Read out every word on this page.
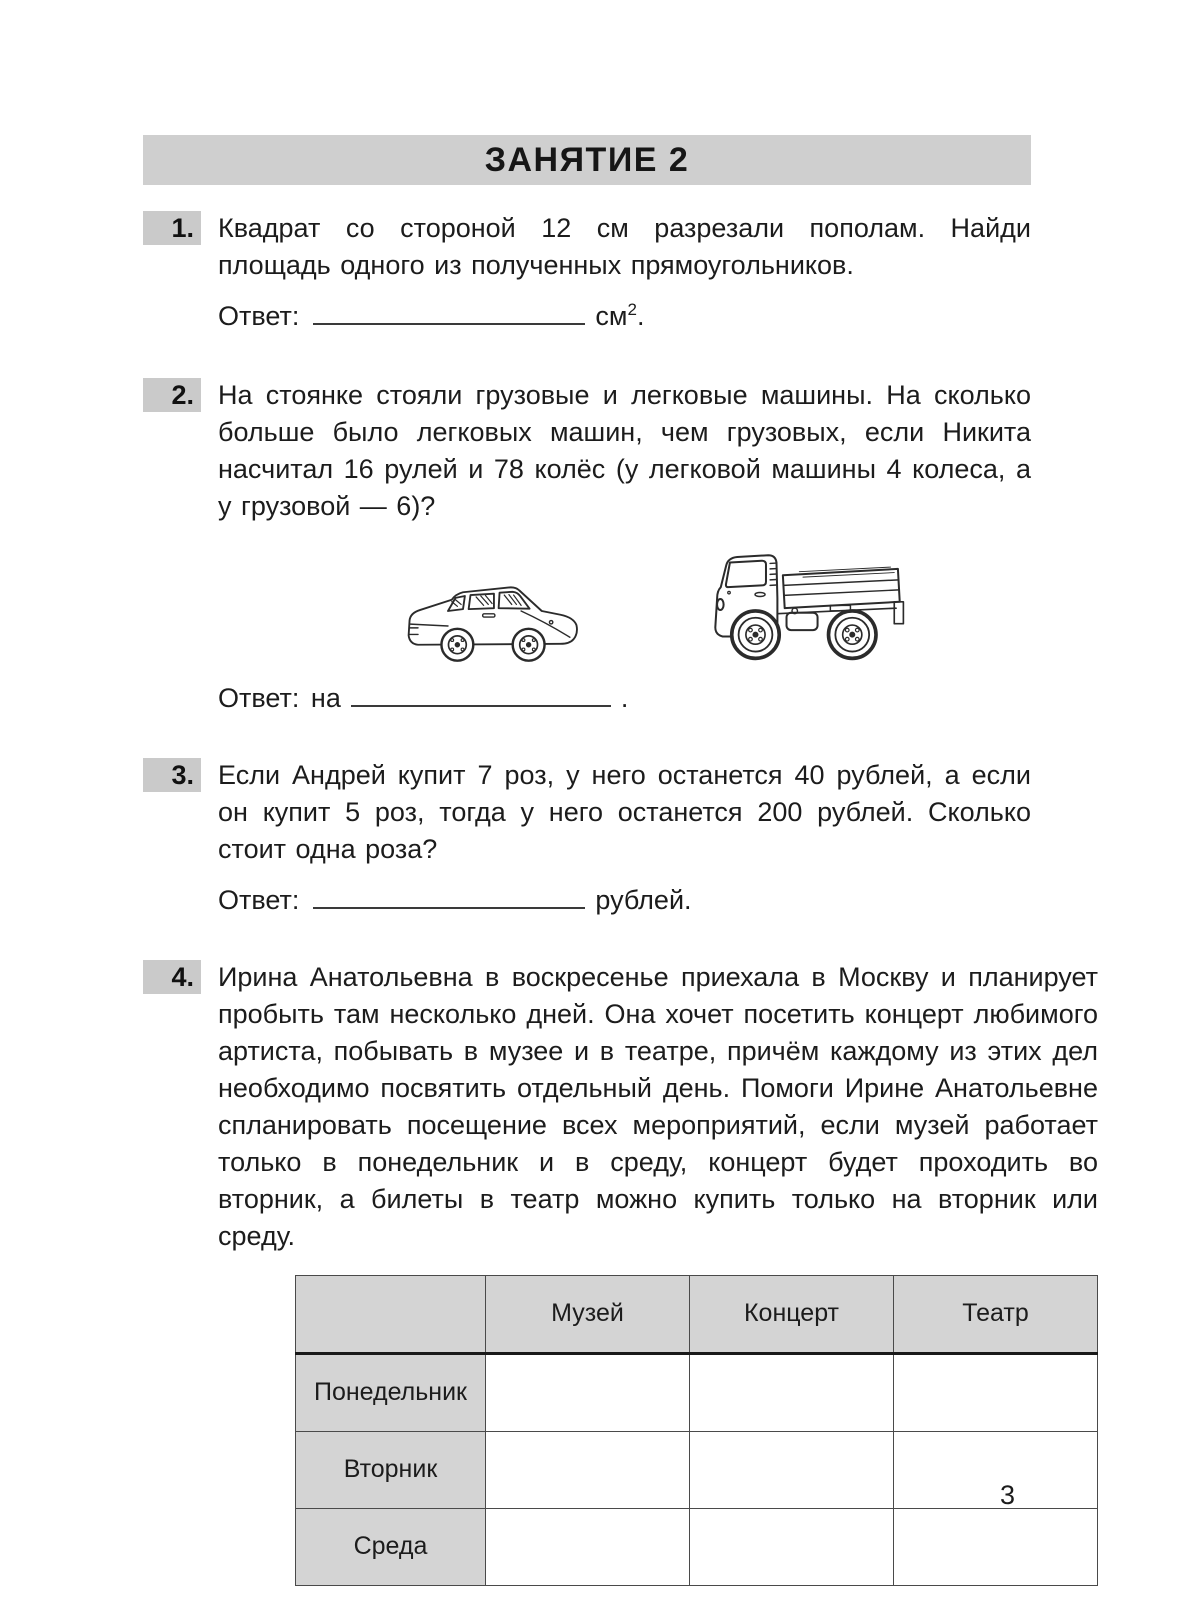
ЗАНЯТИЕ 2
1. Квадрат со стороной 12 см разрезали пополам. Найди площадь одного из полученных прямоугольников.

Ответ:	$см^2$.
2. На стоянке стояли грузовые и легковые машины. На сколько больше было легковых машин, чем грузовых, если Никита насчитал 16 рулей и 78 колёс (у легковой машины 4 колеса, а у грузовой — 6)?

Ответ: на	.
3. Если Андрей купит 7 роз, у него останется 40 рублей, а если он купит 5 роз, тогда у него останется 200 рублей. Сколько стоит одна роза?

Ответ:	рублей.
4. Ирина Анатольевна в воскресенье приехала в Москву и планирует пробыть там несколько дней. Она хочет посетить концерт любимого артиста, побывать в музее и в театре, причём каждому из этих дел необходимо посвятить отдельный день. Помоги Ирине Анатольевне спланировать посещение всех мероприятий, если музей работает только в понедельник и в среду, концерт будет проходить во вторник, а билеты в театр можно купить только на вторник или среду.

	Музей	Концерт	Театр
Понедельник			
Вторник			
Среда			
3
